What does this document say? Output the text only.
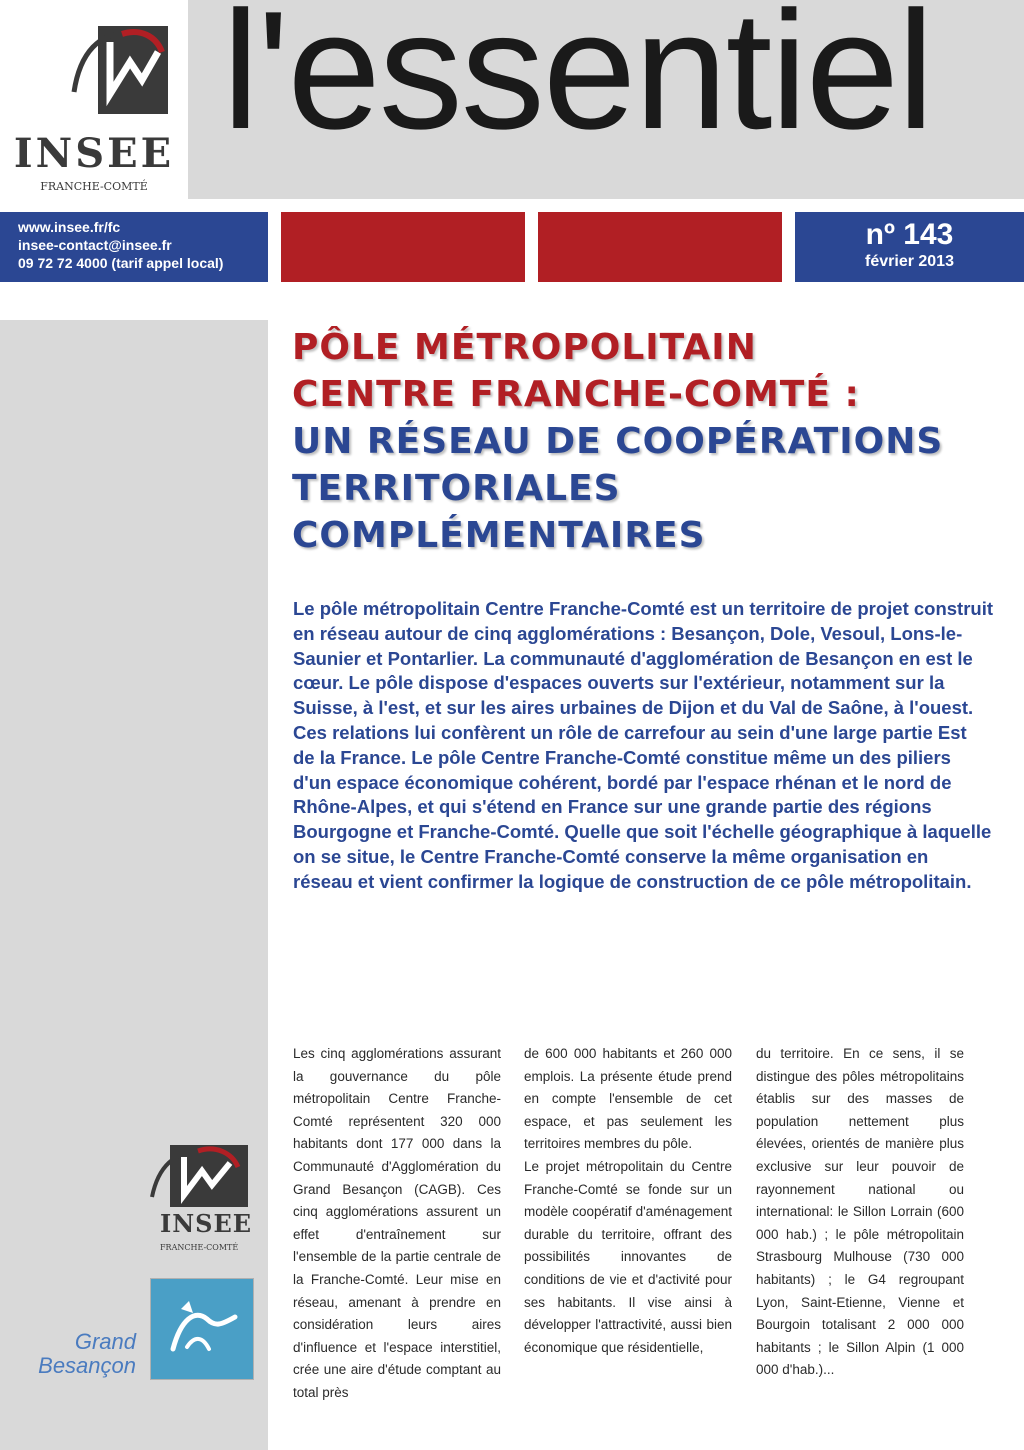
INSEE
FRANCHE-COMTÉ
l'essentiel
www.insee.fr/fc
insee-contact@insee.fr
09 72 72 4000 (tarif appel local)
nº 143
février 2013
PÔLE MÉTROPOLITAIN
CENTRE FRANCHE-COMTÉ :
UN RÉSEAU DE COOPÉRATIONS
TERRITORIALES COMPLÉMENTAIRES

Le pôle métropolitain Centre Franche-Comté est un territoire de projet construit en réseau autour de cinq agglomérations : Besançon, Dole, Vesoul, Lons-le-Saunier et Pontarlier. La communauté d'agglomération de Besançon en est le cœur. Le pôle dispose d'espaces ouverts sur l'extérieur, notamment sur la Suisse, à l'est, et sur les aires urbaines de Dijon et du Val de Saône, à l'ouest. Ces relations lui confèrent un rôle de carrefour au sein d'une large partie Est de la France. Le pôle Centre Franche-Comté constitue même un des piliers d'un espace économique cohérent, bordé par l'espace rhénan et le nord de Rhône-Alpes, et qui s'étend en France sur une grande partie des régions Bourgogne et Franche-Comté. Quelle que soit l'échelle géographique à laquelle on se situe, le Centre Franche-Comté conserve la même organisation en réseau et vient confirmer la logique de construction de ce pôle métropolitain.

Les cinq agglomérations assurant la gouvernance du pôle métropolitain Centre Franche-Comté représentent 320 000 habitants dont 177 000 dans la Communauté d'Agglomération du Grand Besançon (CAGB). Ces cinq agglomérations assurent un effet d'entraînement sur l'ensemble de la partie centrale de la Franche-Comté. Leur mise en réseau, amenant à prendre en considération leurs aires d'influence et l'espace interstitiel, crée une aire d'étude comptant au total près

de 600 000 habitants et 260 000 emplois. La présente étude prend en compte l'ensemble de cet espace, et pas seulement les territoires membres du pôle.

Le projet métropolitain du Centre Franche-Comté se fonde sur un modèle coopératif d'aménagement durable du territoire, offrant des possibilités innovantes de conditions de vie et d'activité pour ses habitants. Il vise ainsi à développer l'attractivité, aussi bien économique que résidentielle,

du territoire. En ce sens, il se distingue des pôles métropolitains établis sur des masses de population nettement plus élevées, orientés de manière plus exclusive sur leur pouvoir de rayonnement national ou international: le Sillon Lorrain (600 000 hab.) ; le pôle métropolitain Strasbourg Mulhouse (730 000 habitants) ; le G4 regroupant Lyon, Saint-Etienne, Vienne et Bourgoin totalisant 2 000 000 habitants ; le Sillon Alpin (1 000 000 d'hab.)...

INSEE
FRANCHE-COMTÉ
Grand
Besançon
